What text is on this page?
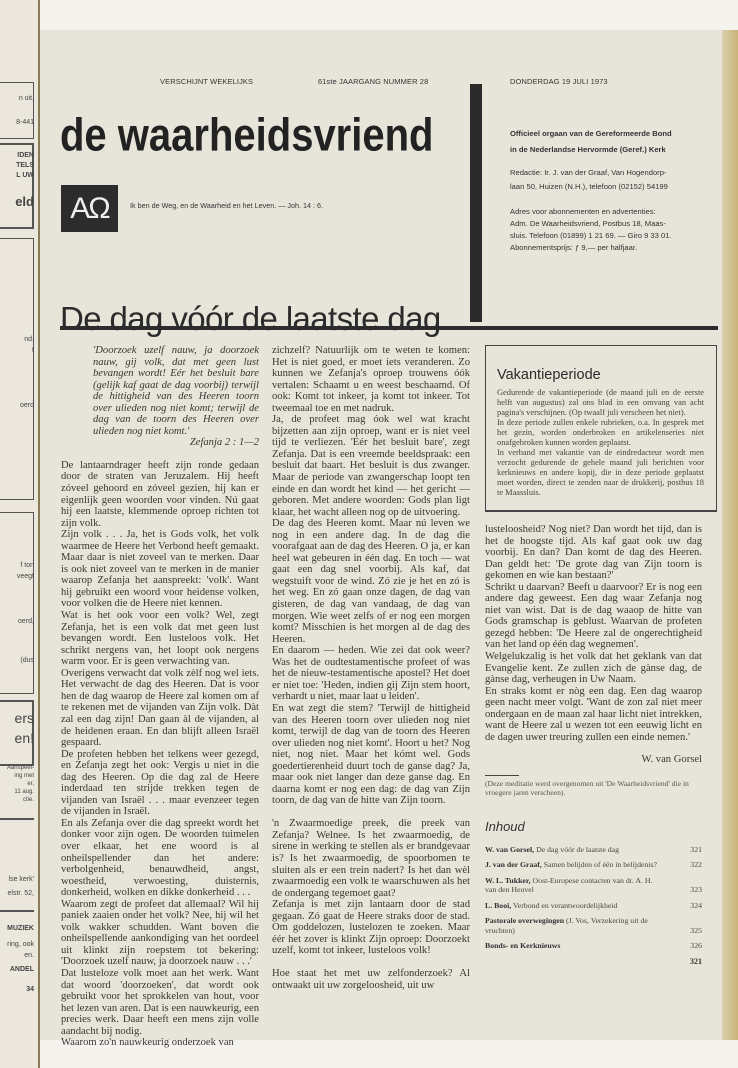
n uit.
8-441
IDEN
TELS
L UW
eld
nd.
t
oerd
f ton
veegt
oerd,
(dus
ers
en!
Aanspeel-
ing met
er,
11 aug.
ctie.
lse kerk'
elstr. 52,
MUZIEK
ring, ook
en.
ANDEL
34
VERSCHIJNT WEKELIJKS	61ste JAARGANG NUMMER 28	DONDERDAG 19 JULI 1973
de waarheidsvriend	Officieel orgaan van de Gereformeerde Bond
in de Nederlandse Hervormde (Geref.) Kerk
Redactie: Ir. J. van der Graaf, Van Hogendorp-
laan 50, Huizen (N.H.), telefoon (02152) 54199
Adres voor abonnementen en advertenties:
Adm. De Waarheidsvriend, Postbus 18, Maas-
sluis. Telefoon (01899) 1 21 69. — Giro 9 33 01.
Abonnementsprijs: ƒ 9,— per halfjaar.
AΩ	Ik ben de Weg, en de Waarheid en het Leven. — Joh. 14 : 6.
De dag vóór de laatste dag

'Doorzoek uzelf nauw, ja doorzoek nauw, gij volk, dat met geen lust bevangen wordt! Eér het besluit bare (gelijk kaf gaat de dag voorbij) terwijl de hittigheid van des Heeren toorn over ulieden nog niet komt; terwijl de dag van de toorn des Heeren over ulieden nog niet komt.'

Zefanja 2 : 1—2

De lantaarndrager heeft zijn ronde gedaan door de straten van Jeruzalem. Hij heeft zóveel gehoord en zóveel gezien, hij kan er eigenlijk geen woorden voor vinden. Nú gaat hij een laatste, klemmende oproep richten tot zijn volk.

Zijn volk . . . Ja, het is Gods volk, het volk waarmee de Heere het Verbond heeft gemaakt. Maar daar is niet zoveel van te merken. Daar is ook niet zoveel van te merken in de manier waarop Zefanja het aanspreekt: 'volk'. Want hij gebruikt een woord voor heidense volken, voor volken die de Heere niet kennen.

Wat is het ook voor een volk? Wel, zegt Zefanja, het is een volk dat met geen lust bevangen wordt. Een lusteloos volk. Het schrikt nergens van, het loopt ook nergens warm voor. Er is geen verwachting van.

Overigens verwacht dat volk zèlf nog wel iets. Het verwacht de dag des Heeren. Dat is voor hen de dag waarop de Heere zal komen om af te rekenen met de vijanden van Zijn volk. Dàt zal een dag zijn! Dan gaan àl de vijanden, al de heidenen eraan. En dan blijft alleen Israël gespaard.

De profeten hebben het telkens weer gezegd, en Zefanja zegt het ook: Vergis u niet in die dag des Heeren. Op die dag zal de Heere inderdaad ten strijde trekken tegen de vijanden van Israël . . . maar evenzeer tegen de vijanden in Israël.

En als Zefanja over die dag spreekt wordt het donker voor zijn ogen. De woorden tuimelen over elkaar, het ene woord is al onheilspellender dan het andere: verbolgenheid, benauwdheid, angst, woestheid, verwoesting, duisternis, donkerheid, wolken en dikke donkerheid . . .

Waarom zegt de profeet dat allemaal? Wil hij paniek zaaien onder het volk? Nee, hij wil het volk wakker schudden. Want boven die onheilspellende aankondiging van het oordeel uit klinkt zijn roepstem tot bekering: 'Doorzoek uzelf nauw, ja doorzoek nauw . . .'

Dat lusteloze volk moet aan het werk. Want dat woord 'doorzoeken', dat wordt ook gebruikt voor het sprokkelen van hout, voor het lezen van aren. Dat is een nauwkeurig, een precies werk. Daar heeft een mens zijn volle aandacht bij nodig.

Waarom zo'n nauwkeurig onderzoek van

zichzelf? Natuurlijk om te weten te komen: Het is niet goed, er moet iets veranderen. Zo kunnen we Zefanja's oproep trouwens óók vertalen: Schaamt u en weest beschaamd. Of ook: Komt tot inkeer, ja komt tot inkeer. Tot tweemaal toe en met nadruk.

Ja, de profeet mag óok wel wat kracht bijzetten aan zijn oproep, want er is niet veel tijd te verliezen. 'Eér het besluit bare', zegt Zefanja. Dat is een vreemde beeldspraak: een besluit dat baart. Het besluit is dus zwanger. Maar de periode van zwangerschap loopt ten einde en dan wordt het kind — het gericht — geboren. Met andere woorden: Gods plan ligt klaar, het wacht alleen nog op de uitvoering.

De dag des Heeren komt. Maar nú leven we nog in een andere dag. In de dag die voorafgaat aan de dag des Heeren. O ja, er kan heel wat gebeuren in één dag. En toch — wat gaat een dag snel voorbij. Als kaf, dat wegstuift voor de wind. Zó zie je het en zó is het weg. En zó gaan onze dagen, de dag van gisteren, de dag van vandaag, de dag van morgen. Wie weet zelfs of er nog een morgen komt? Misschien is het morgen al de dag des Heeren.

En daarom — heden. Wie zei dat ook weer? Was het de oudtestamentische profeet of was het de nieuw-testamentische apostel? Het doet er niet toe: 'Heden, indien gij Zijn stem hoort, verhardt u niet, maar laat u leiden'.

En wat zegt die stem? 'Terwijl de hittigheid van des Heeren toorn over ulieden nog niet komt, terwijl de dag van de toorn des Heeren over ulieden nog niet komt'. Hoort u het? Nog niet, nog niet. Maar het kómt wel. Gods goedertierenheid duurt toch de ganse dag? Ja, maar ook niet langer dan deze ganse dag. En daarna komt er nog een dag: de dag van Zijn toorn, de dag van de hitte van Zijn toorn.

'n Zwaarmoedige preek, die preek van Zefanja? Welnee. Is het zwaarmoedig, de sirene in werking te stellen als er brandgevaar is? Is het zwaarmoedig, de spoorbomen te sluiten als er een trein nadert? Is het dan wèl zwaarmoedig een volk te waarschuwen als het de ondergang tegemoet gaat?

Zefanja is met zijn lantaarn door de stad gegaan. Zó gaat de Heere straks door de stad. Om goddelozen, lustelozen te zoeken. Maar éér het zover is klinkt Zijn oproep: Doorzoekt uzelf, komt tot inkeer, lusteloos volk!

Hoe staat het met uw zelfonderzoek? Al ontwaakt uit uw zorgeloosheid, uit uw

Vakantieperiode

Gedurende de vakantieperiode (de maand juli en de eerste helft van augustus) zal ons blad in een omvang van acht pagina's verschijnen. (Op twaalf juli verscheen het niet).

In deze periode zullen enkele rubrieken, o.a. In gesprek met het gezin, worden onderbroken en artikelenseries niet onafgebroken kunnen worden geplaatst.

In verband met vakantie van de eindredacteur wordt men verzocht gedurende de gehele maand juli berichten voor kerknieuws en andere kopij, die in deze periode geplaatst moet worden, direct te zenden naar de drukkerij, postbus 18 te Maassluis.

lusteloosheid? Nog niet? Dan wordt het tijd, dan is het de hoogste tijd. Als kaf gaat ook uw dag voorbij. En dan? Dan komt de dag des Heeren. Dan geldt het: 'De grote dag van Zijn toorn is gekomen en wie kan bestaan?'

Schrikt u daarvan? Beeft u daarvoor? Er is nog een andere dag geweest. Een dag waar Zefanja nog niet van wist. Dat is de dag waaop de hitte van Gods gramschap is geblust. Waarvan de profeten gezegd hebben: 'De Heere zal de ongerechtigheid van het land op één dag wegnemen'.

Welgelukzalig is het volk dat het geklank van dat Evangelie kent. Ze zullen zich de gànse dag, de gànse dag, verheugen in Uw Naam.

En straks komt er nòg een dag. Een dag waarop geen nacht meer volgt. 'Want de zon zal niet meer ondergaan en de maan zal haar licht niet intrekken, want de Heere zal u wezen tot een eeuwig licht en de dagen uwer treuring zullen een einde nemen.'

W. van Gorsel

(Deze meditatie werd overgenomen uit 'De Waarheidsvriend' die in vroegere jaren verscheen).

Inhoud
W. van Gorsel, De dag vóór de laatste dag	321
J. van der Graaf, Samen belijden of één in belijdenis?	322
W. L. Tukker, Oost-Europese contacten van dr. A. H. van den Heuvel	323
L. Booi, Verbond en verantwoordelijkheid	324
Pastorale overwegingen (J. Vos, Verzekering uit de vruchten)	325
Bonds- en Kerknieuws	326
321
